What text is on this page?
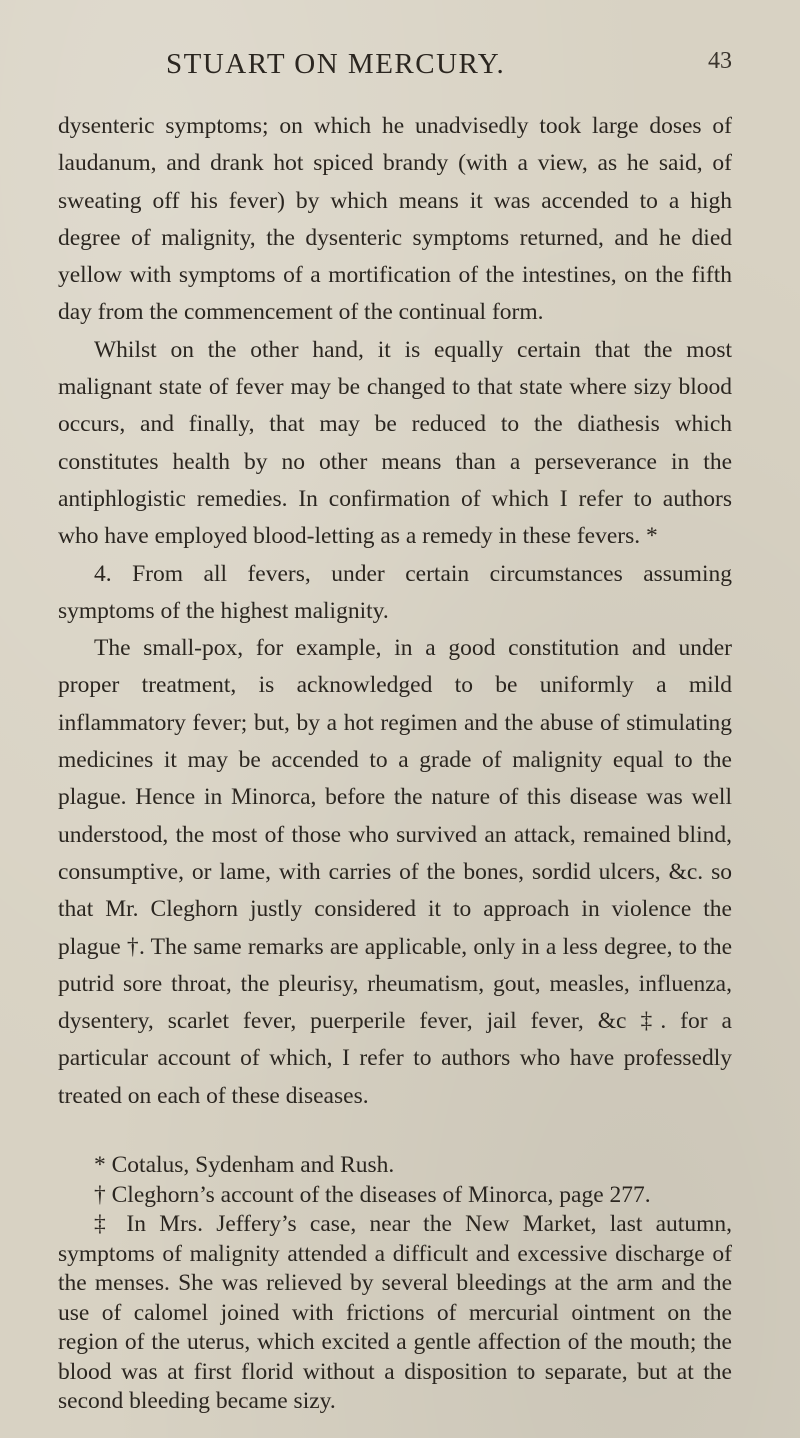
STUART ON MERCURY.	43

dysenteric symptoms; on which he unadvisedly took large doses of laudanum, and drank hot spiced brandy (with a view, as he said, of sweating off his fever) by which means it was accended to a high degree of malignity, the dysenteric symptoms returned, and he died yellow with symptoms of a mortification of the intestines, on the fifth day from the commencement of the continual form.

Whilst on the other hand, it is equally certain that the most malignant state of fever may be changed to that state where sizy blood occurs, and finally, that may be reduced to the diathesis which constitutes health by no other means than a perseverance in the antiphlogistic remedies. In confirmation of which I refer to authors who have employed blood-letting as a remedy in these fevers. *

4. From all fevers, under certain circumstances assuming symptoms of the highest malignity.

The small-pox, for example, in a good constitution and under proper treatment, is acknowledged to be uniformly a mild inflammatory fever; but, by a hot regimen and the abuse of stimulating medicines it may be accended to a grade of malignity equal to the plague. Hence in Minorca, before the nature of this disease was well understood, the most of those who survived an attack, remained blind, consumptive, or lame, with carries of the bones, sordid ulcers, &c. so that Mr. Cleghorn justly considered it to approach in violence the plague †. The same remarks are applicable, only in a less degree, to the putrid sore throat, the pleurisy, rheumatism, gout, measles, influenza, dysentery, scarlet fever, puerperile fever, jail fever, &c ‡. for a particular account of which, I refer to authors who have professedly treated on each of these diseases.

* Cotalus, Sydenham and Rush.

† Cleghorn’s account of the diseases of Minorca, page 277.

‡ In Mrs. Jeffery’s case, near the New Market, last autumn, symptoms of malignity attended a difficult and excessive discharge of the menses. She was relieved by several bleedings at the arm and the use of calomel joined with frictions of mercurial ointment on the region of the uterus, which excited a gentle affection of the mouth; the blood was at first florid without a disposition to separate, but at the second bleeding became sizy.
